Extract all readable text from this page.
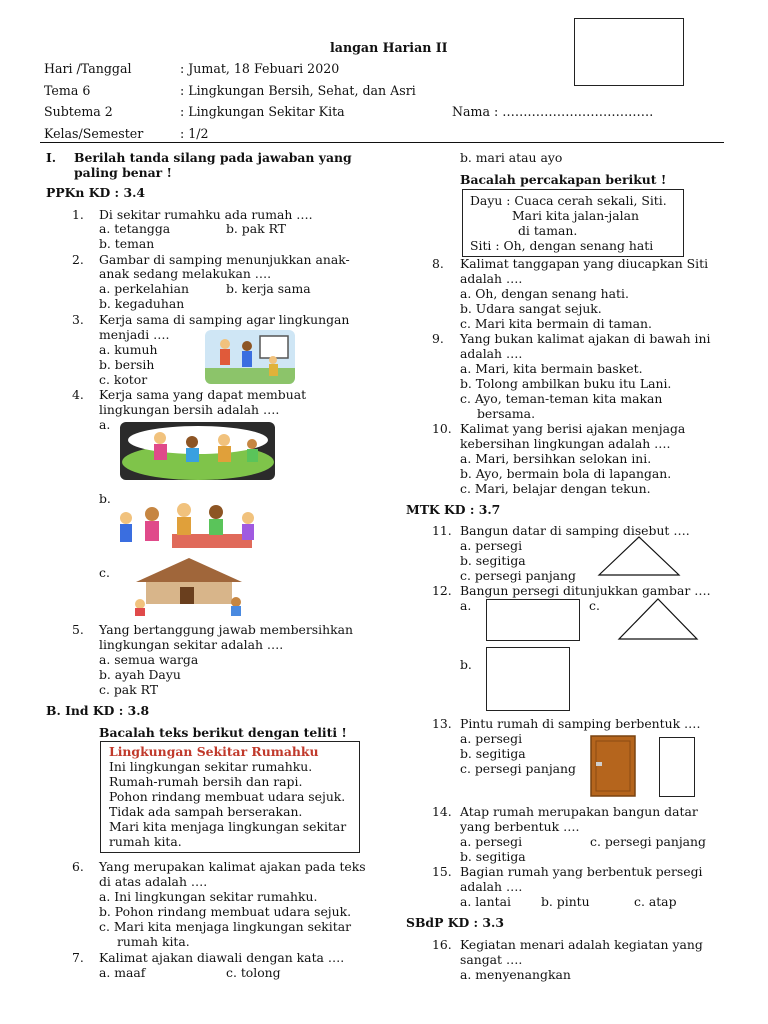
langan Harian II
Hari /Tanggal	: Jumat, 18 Febuari 2020
Tema 6	: Lingkungan Bersih, Sehat, dan Asri
Subtema 2	: Lingkungan Sekitar Kita	Nama : ………………………………
Kelas/Semester	: 1/2
I. Berilah tanda silang pada jawaban yang
paling benar !
PPKn KD : 3.4
1. Di sekitar rumahku ada rumah ….
a. tetangga	b. pak RT
b. teman
2. Gambar di samping menunjukkan anak-
anak sedang melakukan ….
a. perkelahian	b. kerja sama
b. kegaduhan
3. Kerja sama di samping agar lingkungan
menjadi ….
a. kumuh
b. bersih
c. kotor
4. Kerja sama yang dapat membuat
lingkungan bersih adalah ….
a.
b.
c.
5. Yang bertanggung jawab membersihkan
lingkungan sekitar adalah ….
a. semua warga
b. ayah Dayu
c. pak RT
B. Ind KD : 3.8
Bacalah teks berikut dengan teliti !
Lingkungan Sekitar Rumahku
Ini lingkungan sekitar rumahku.
Rumah-rumah bersih dan rapi.
Pohon rindang membuat udara sejuk.
Tidak ada sampah berserakan.
Mari kita menjaga lingkungan sekitar
rumah kita.
6. Yang merupakan kalimat ajakan pada teks
di atas adalah ….
a. Ini lingkungan sekitar rumahku.
b. Pohon rindang membuat udara sejuk.
c. Mari kita menjaga lingkungan sekitar
rumah kita.
7. Kalimat ajakan diawali dengan kata ….
a. maaf	c. tolong
b. mari atau ayo
Bacalah percakapan berikut !
Dayu : Cuaca cerah sekali, Siti.
Mari kita jalan-jalan
di taman.
Siti : Oh, dengan senang hati
8. Kalimat tanggapan yang diucapkan Siti
adalah ….
a. Oh, dengan senang hati.
b. Udara sangat sejuk.
c. Mari kita bermain di taman.
9. Yang bukan kalimat ajakan di bawah ini
adalah ….
a. Mari, kita bermain basket.
b. Tolong ambilkan buku itu Lani.
c. Ayo, teman-teman kita makan
bersama.
10. Kalimat yang berisi ajakan menjaga
kebersihan lingkungan adalah ….
a. Mari, bersihkan selokan ini.
b. Ayo, bermain bola di lapangan.
c. Mari, belajar dengan tekun.
MTK KD : 3.7
11. Bangun datar di samping disebut ….
a. persegi
b. segitiga
c. persegi panjang
12. Bangun persegi ditunjukkan gambar ….
a.	c.
b.
13. Pintu rumah di samping berbentuk ….
a. persegi
b. segitiga
c. persegi panjang
14. Atap rumah merupakan bangun datar
yang berbentuk ….
a. persegi	c. persegi panjang
b. segitiga
15. Bagian rumah yang berbentuk persegi
adalah ….
a. lantai b. pintu	c. atap
SBdP KD : 3.3
16. Kegiatan menari adalah kegiatan yang
sangat ….
a. menyenangkan
